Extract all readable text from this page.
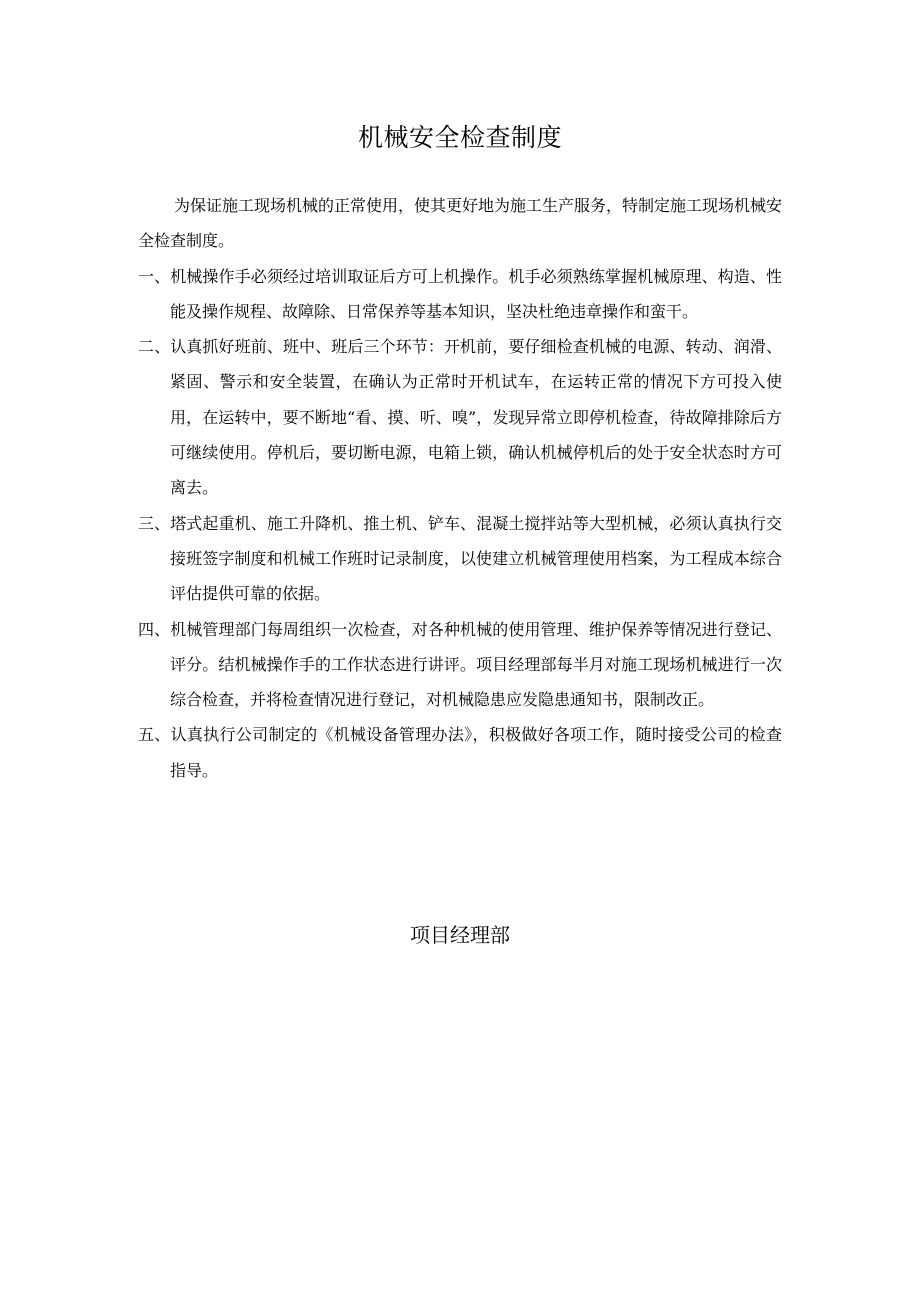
机械安全检查制度

为保证施工现场机械的正常使用，使其更好地为施工生产服务，特制定施工现场机械安全检查制度。

一、机械操作手必须经过培训取证后方可上机操作。机手必须熟练掌握机械原理、构造、性能及操作规程、故障除、日常保养等基本知识，坚决杜绝违章操作和蛮干。

二、认真抓好班前、班中、班后三个环节：开机前，要仔细检查机械的电源、转动、润滑、紧固、警示和安全装置，在确认为正常时开机试车，在运转正常的情况下方可投入使用，在运转中，要不断地“看、摸、听、嗅”，发现异常立即停机检查，待故障排除后方可继续使用。停机后，要切断电源，电箱上锁，确认机械停机后的处于安全状态时方可离去。

三、塔式起重机、施工升降机、推土机、铲车、混凝土搅拌站等大型机械，必须认真执行交接班签字制度和机械工作班时记录制度，以使建立机械管理使用档案，为工程成本综合评估提供可靠的依据。

四、机械管理部门每周组织一次检查，对各种机械的使用管理、维护保养等情况进行登记、评分。结机械操作手的工作状态进行讲评。项目经理部每半月对施工现场机械进行一次综合检查，并将检查情况进行登记，对机械隐患应发隐患通知书，限制改正。

五、认真执行公司制定的《机械设备管理办法》，积极做好各项工作，随时接受公司的检查指导。

项目经理部
